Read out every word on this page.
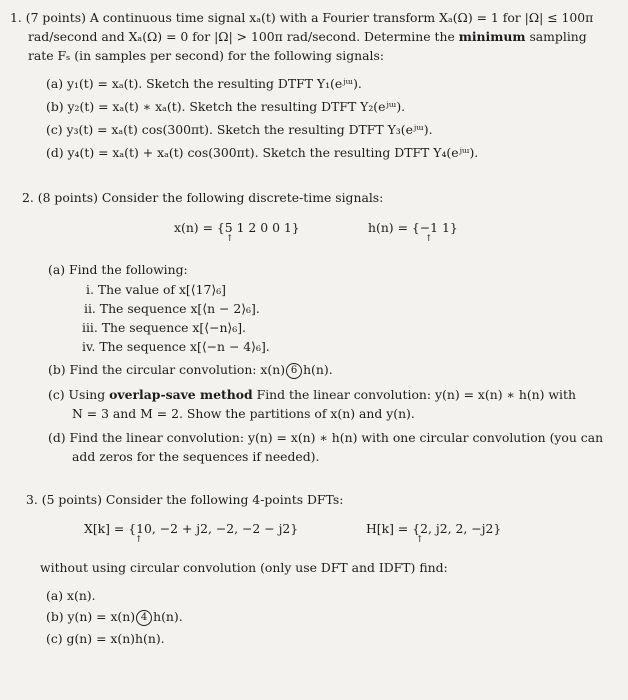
1. (7 points) A continuous time signal xₐ(t) with a Fourier transform Xₐ(Ω) = 1 for |Ω| ≤ 100π
rad/second and Xₐ(Ω) = 0 for |Ω| > 100π rad/second. Determine the minimum sampling
rate Fₛ (in samples per second) for the following signals:
(a) y₁(t) = xₐ(t). Sketch the resulting DTFT Y₁(eʲᵚ).
(b) y₂(t) = xₐ(t) ∗ xₐ(t). Sketch the resulting DTFT Y₂(eʲᵚ).
(c) y₃(t) = xₐ(t) cos(300πt). Sketch the resulting DTFT Y₃(eʲᵚ).
(d) y₄(t) = xₐ(t) + xₐ(t) cos(300πt). Sketch the resulting DTFT Y₄(eʲᵚ).
2. (8 points) Consider the following discrete-time signals:
x(n) = {5 1 2 0 0 1}
↑
h(n) = {−1 1}
↑
(a) Find the following:
i. The value of x[⟨17⟩₆]
ii. The sequence x[⟨n − 2⟩₆].
iii. The sequence x[⟨−n⟩₆].
iv. The sequence x[⟨−n − 4⟩₆].
(b) Find the circular convolution: x(n) 6 h(n).
(c) Using overlap-save method Find the linear convolution: y(n) = x(n) ∗ h(n) with
N = 3 and M = 2. Show the partitions of x(n) and y(n).
(d) Find the linear convolution: y(n) = x(n) ∗ h(n) with one circular convolution (you can
add zeros for the sequences if needed).
3. (5 points) Consider the following 4-points DFTs:
X[k] = {10, −2 + j2, −2, −2 − j2}
↑
H[k] = {2, j2, 2, −j2}
↑
without using circular convolution (only use DFT and IDFT) find:
(a) x(n).
(b) y(n) = x(n) 4 h(n).
(c) g(n) = x(n)h(n).
